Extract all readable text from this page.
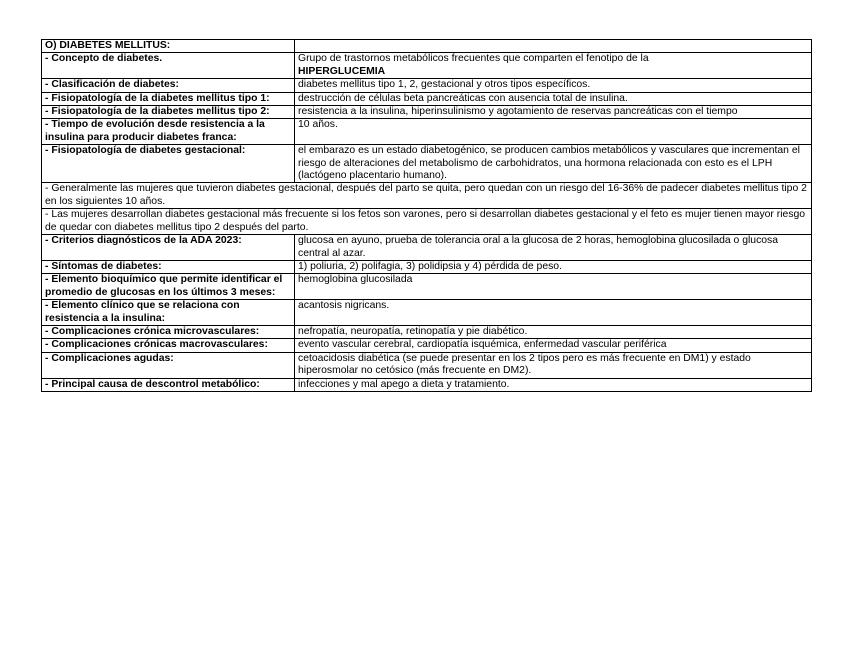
O) DIABETES MELLITUS:	
- Concepto de diabetes.	Grupo de trastornos metabólicos frecuentes que comparten el fenotipo de la
HIPERGLUCEMIA
- Clasificación de diabetes:	diabetes mellitus tipo 1, 2, gestacional y otros tipos específicos.
- Fisiopatología de la diabetes mellitus tipo 1:	destrucción de células beta pancreáticas con ausencia total de insulina.
- Fisiopatología de la diabetes mellitus tipo 2:	resistencia a la insulina, hiperinsulinismo y agotamiento de reservas pancreáticas con el tiempo
- Tiempo de evolución desde resistencia a la insulina para producir diabetes franca:	10 años.
- Fisiopatología de diabetes gestacional:	el embarazo es un estado diabetogénico, se producen cambios metabólicos y vasculares que incrementan el riesgo de alteraciones del metabolismo de carbohidratos, una hormona relacionada con esto es el LPH (lactógeno placentario humano).
- Generalmente las mujeres que tuvieron diabetes gestacional, después del parto se quita, pero quedan con un riesgo del 16-36% de padecer diabetes mellitus tipo 2 en los siguientes 10 años.	
- Las mujeres desarrollan diabetes gestacional más frecuente si los fetos son varones, pero si desarrollan diabetes gestacional y el feto es mujer tienen mayor riesgo de quedar con diabetes mellitus tipo 2 después del parto.	
- Criterios diagnósticos de la ADA 2023:	glucosa en ayuno, prueba de tolerancia oral a la glucosa de 2 horas, hemoglobina glucosilada o glucosa central al azar.
- Síntomas de diabetes:	1) poliuria, 2) polifagia, 3) polidipsia y 4) pérdida de peso.
- Elemento bioquímico que permite identificar el promedio de glucosas en los últimos 3 meses:	hemoglobina glucosilada
- Elemento clínico que se relaciona con resistencia a la insulina:	acantosis nigricans.
- Complicaciones crónica microvasculares:	nefropatía, neuropatía, retinopatía y pie diabético.
- Complicaciones crónicas macrovasculares:	evento vascular cerebral, cardiopatía isquémica, enfermedad vascular periférica
- Complicaciones agudas:	cetoacidosis diabética (se puede presentar en los 2 tipos pero es más frecuente en DM1) y estado hiperosmolar no cetósico (más frecuente en DM2).
- Principal causa de descontrol metabólico:	infecciones y mal apego a dieta y tratamiento.
